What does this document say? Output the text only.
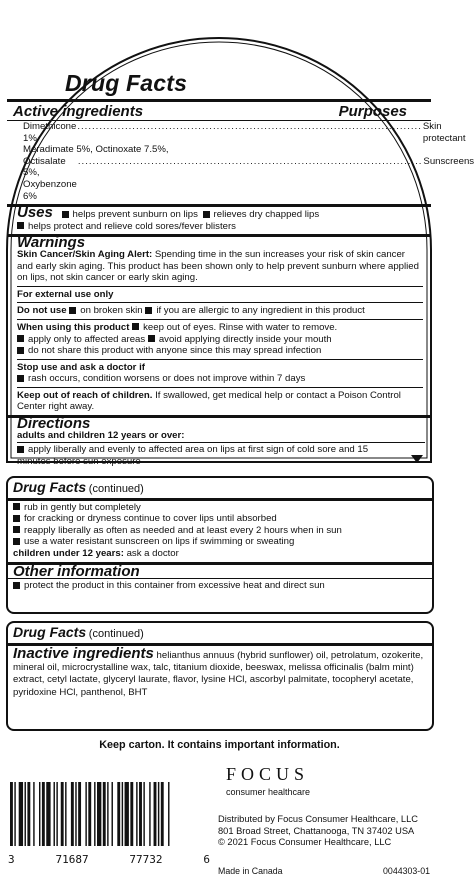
Drug Facts
Active ingredients	Purposes
Dimethicone 1%
.............................................................................................. Skin protectant
Meradimate 5%, Octinoxate 7.5%,
Octisalate 5%, Oxybenzone 6%
.............................................................................................. Sunscreens
Uses helps prevent sunburn on lips relieves dry chapped lips
helps protect and relieve cold sores/fever blisters
Warnings
Skin Cancer/Skin Aging Alert: Spending time in the sun increases your risk of skin cancer and early skin aging. This product has been shown only to help prevent sunburn where applied on lips, not skin cancer or early skin aging.
For external use only
Do not use on broken skin if you are allergic to any ingredient in this product
When using this product keep out of eyes. Rinse with water to remove.
apply only to affected areas avoid applying directly inside your mouth
do not share this product with anyone since this may spread infection
Stop use and ask a doctor if
rash occurs, condition worsens or does not improve within 7 days
Keep out of reach of children. If swallowed, get medical help or contact a Poison Control Center right away.
Directions
adults and children 12 years or over:
apply liberally and evenly to affected area on lips at first sign of cold sore and 15 minutes before sun exposure
Drug Facts (continued)
rub in gently but completely
for cracking or dryness continue to cover lips until absorbed
reapply liberally as often as needed and at least every 2 hours when in sun
use a water resistant sunscreen on lips if swimming or sweating
children under 12 years: ask a doctor
Other information
protect the product in this container from excessive heat and direct sun
Drug Facts (continued)
Inactive ingredients helianthus annuus (hybrid sunflower) oil, petrolatum, ozokerite, mineral oil, microcrystalline wax, talc, titanium dioxide, beeswax, melissa officinalis (balm mint) extract, cetyl lactate, glyceryl laurate, flavor, lysine HCl, ascorbyl palmitate, tocopheryl acetate, pyridoxine HCl, panthenol, BHT
Keep carton. It contains important information.
3	71687	77732	6
FOCUS
consumer healthcare
Distributed by Focus Consumer Healthcare, LLC
801 Broad Street, Chattanooga, TN 37402 USA
© 2021 Focus Consumer Healthcare, LLC
Made in Canada	0044303-01
